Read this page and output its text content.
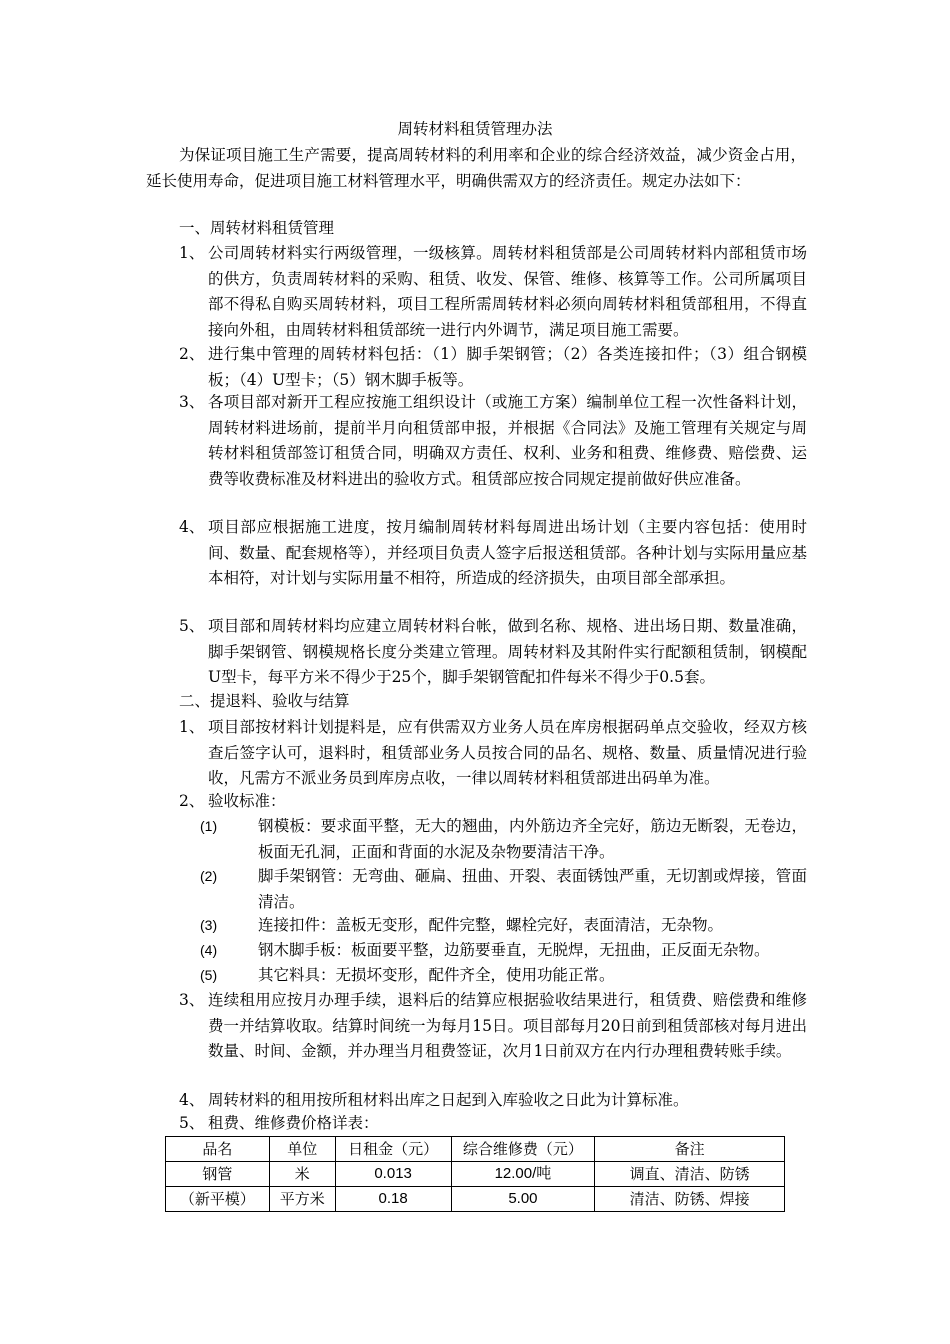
周转材料租赁管理办法
为保证项目施工生产需要，提高周转材料的利用率和企业的综合经济效益，减少资金占用，延长使用寿命，促进项目施工材料管理水平，明确供需双方的经济责任。规定办法如下：
一、周转材料租赁管理
1、 公司周转材料实行两级管理，一级核算。周转材料租赁部是公司周转材料内部租赁市场的供方，负责周转材料的采购、租赁、收发、保管、维修、核算等工作。公司所属项目部不得私自购买周转材料，项目工程所需周转材料必须向周转材料租赁部租用，不得直接向外租，由周转材料租赁部统一进行内外调节，满足项目施工需要。
2、 进行集中管理的周转材料包括：（1）脚手架钢管；（2）各类连接扣件；（3）组合钢模板；（4）U型卡；（5）钢木脚手板等。
3、 各项目部对新开工程应按施工组织设计（或施工方案）编制单位工程一次性备料计划，周转材料进场前，提前半月向租赁部申报，并根据《合同法》及施工管理有关规定与周转材料租赁部签订租赁合同，明确双方责任、权利、业务和租费、维修费、赔偿费、运费等收费标准及材料进出的验收方式。租赁部应按合同规定提前做好供应准备。
4、 项目部应根据施工进度，按月编制周转材料每周进出场计划（主要内容包括：使用时间、数量、配套规格等），并经项目负责人签字后报送租赁部。各种计划与实际用量应基本相符，对计划与实际用量不相符，所造成的经济损失，由项目部全部承担。
5、 项目部和周转材料均应建立周转材料台帐，做到名称、规格、进出场日期、数量准确，脚手架钢管、钢模规格长度分类建立管理。周转材料及其附件实行配额租赁制，钢模配U型卡，每平方米不得少于25个，脚手架钢管配扣件每米不得少于0.5套。
二、提退料、验收与结算
1、 项目部按材料计划提料是，应有供需双方业务人员在库房根据码单点交验收，经双方核查后签字认可，退料时，租赁部业务人员按合同的品名、规格、数量、质量情况进行验收，凡需方不派业务员到库房点收，一律以周转材料租赁部进出码单为准。
2、 验收标准：
(1)	钢模板：要求面平整，无大的翘曲，内外筋边齐全完好，筋边无断裂，无卷边，板面无孔洞，正面和背面的水泥及杂物要清洁干净。
(2)	脚手架钢管：无弯曲、砸扁、扭曲、开裂、表面锈蚀严重，无切割或焊接，管面清洁。
(3)	连接扣件：盖板无变形，配件完整，螺栓完好，表面清洁，无杂物。
(4)	钢木脚手板：板面要平整，边筋要垂直，无脱焊，无扭曲，正反面无杂物。
(5)	其它料具：无损坏变形，配件齐全，使用功能正常。
3、 连续租用应按月办理手续，退料后的结算应根据验收结果进行，租赁费、赔偿费和维修费一并结算收取。结算时间统一为每月15日。项目部每月20日前到租赁部核对每月进出数量、时间、金额，并办理当月租费签证，次月1日前双方在内行办理租费转账手续。
4、 周转材料的租用按所租材料出库之日起到入库验收之日此为计算标准。
5、 租费、维修费价格详表：
品名	单位	日租金（元）	综合维修费（元）	备注
钢管	米	0.013	12.00/吨	调直、清洁、防锈
（新平模）	平方米	0.18	5.00	清洁、防锈、焊接
